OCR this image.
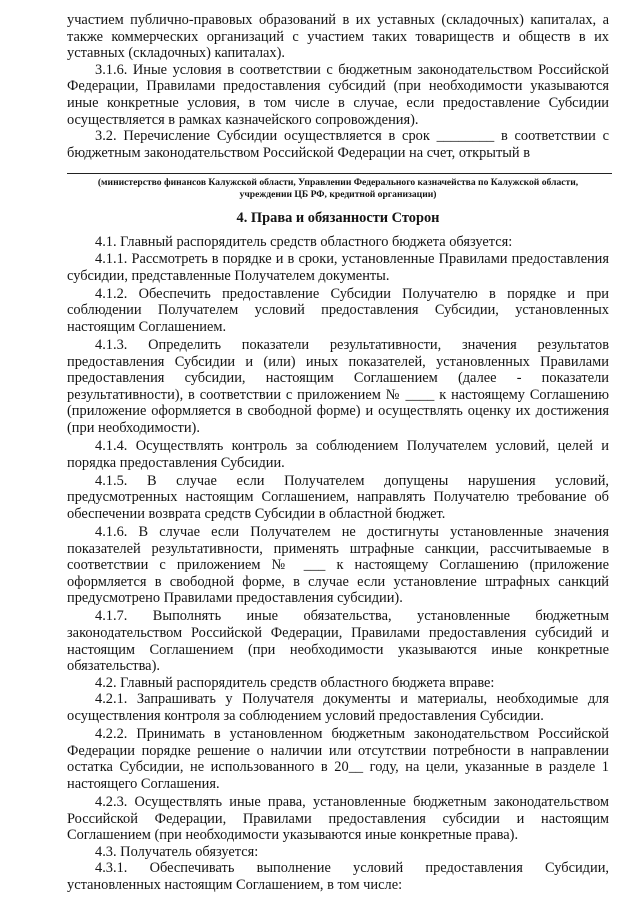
участием публично-правовых образований в их уставных (складочных) капиталах, а также коммерческих организаций с участием таких товариществ и обществ в их уставных (складочных) капиталах).

3.1.6. Иные условия в соответствии с бюджетным законодательством Российской Федерации, Правилами предоставления субсидий (при необходимости указываются иные конкретные условия, в том числе в случае, если предоставление Субсидии осуществляется в рамках казначейского сопровождения).

3.2. Перечисление Субсидии осуществляется в срок ________ в соответствии с бюджетным законодательством Российской Федерации на счет, открытый в

(министерство финансов Калужской области, Управлении Федерального казначейства по Калужской области, учреждении ЦБ РФ, кредитной организации)

4. Права и обязанности Сторон

4.1. Главный распорядитель средств областного бюджета обязуется:

4.1.1. Рассмотреть в порядке и в сроки, установленные Правилами предоставления субсидии, представленные Получателем документы.

4.1.2. Обеспечить предоставление Субсидии Получателю в порядке и при соблюдении Получателем условий предоставления Субсидии, установленных настоящим Соглашением.

4.1.3. Определить показатели результативности, значения результатов предоставления Субсидии и (или) иных показателей, установленных Правилами предоставления субсидии, настоящим Соглашением (далее - показатели результативности), в соответствии с приложением № ____ к настоящему Соглашению (приложение оформляется в свободной форме) и осуществлять оценку их достижения (при необходимости).

4.1.4. Осуществлять контроль за соблюдением Получателем условий, целей и порядка предоставления Субсидии.

4.1.5. В случае если Получателем допущены нарушения условий, предусмотренных настоящим Соглашением, направлять Получателю требование об обеспечении возврата средств Субсидии в областной бюджет.

4.1.6. В случае если Получателем не достигнуты установленные значения показателей результативности, применять штрафные санкции, рассчитываемые в соответствии с приложением № ___ к настоящему Соглашению (приложение оформляется в свободной форме, в случае если установление штрафных санкций предусмотрено Правилами предоставления субсидии).

4.1.7. Выполнять иные обязательства, установленные бюджетным законодательством Российской Федерации, Правилами предоставления субсидий и настоящим Соглашением (при необходимости указываются иные конкретные обязательства).

4.2. Главный распорядитель средств областного бюджета вправе:

4.2.1. Запрашивать у Получателя документы и материалы, необходимые для осуществления контроля за соблюдением условий предоставления Субсидии.

4.2.2. Принимать в установленном бюджетным законодательством Российской Федерации порядке решение о наличии или отсутствии потребности в направлении остатка Субсидии, не использованного в 20__ году, на цели, указанные в разделе 1 настоящего Соглашения.

4.2.3. Осуществлять иные права, установленные бюджетным законодательством Российской Федерации, Правилами предоставления субсидии и настоящим Соглашением (при необходимости указываются иные конкретные права).

4.3. Получатель обязуется:

4.3.1. Обеспечивать выполнение условий предоставления Субсидии, установленных настоящим Соглашением, в том числе:
